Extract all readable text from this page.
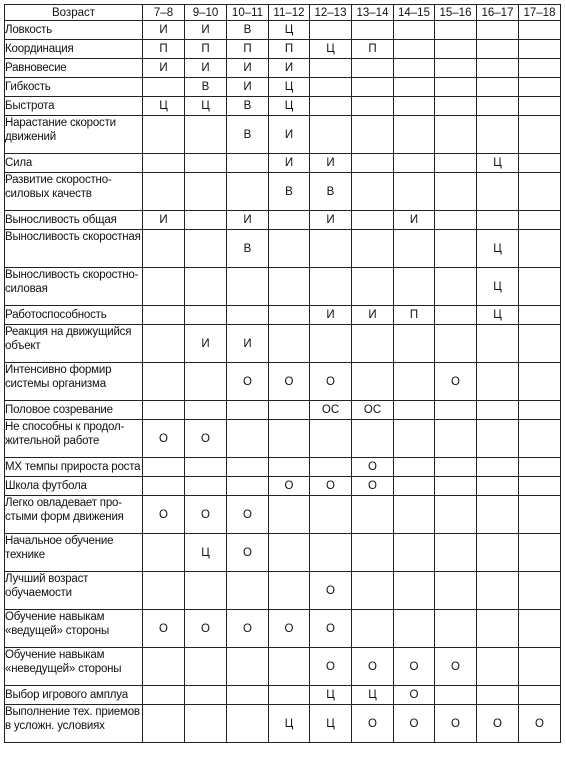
Возраст	7–8	9–10	10–11	11–12	12–13	13–14	14–15	15–16	16–17	17–18
Ловкость	И	И	В	Ц						
Координация	П	П	П	П	Ц	П				
Равновесие	И	И	И	И						
Гибкость		В	И	Ц						
Быстрота	Ц	Ц	В	Ц						
Нарастание скорости движений			В	И						
Сила				И	И				Ц	
Развитие скоростно-силовых качеств				В	В					
Выносливость общая	И		И		И		И			
Выносливость скоростная			В						Ц	
Выносливость скоростно-силовая									Ц	
Работоспособность					И	И	П		Ц	
Реакция на движущийся объект		И	И							
Интенсивно формир системы организма			О	О	О			О		
Половое созревание					ОС	ОС				
Не способны к продол-жительной работе	О	О								
МХ темпы прироста роста						О				
Школа футбола				О	О	О				
Легко овладевает про-стыми форм движения	О	О	О							
Начальное обучение технике		Ц	О							
Лучший возраст обучаемости					О					
Обучение навыкам «ведущей» стороны	О	О	О	О	О					
Обучение навыкам «неведущей» стороны					О	О	О	О		
Выбор игрового амплуа					Ц	Ц	О			
Выполнение тех. приемов в усложн. условиях				Ц	Ц	О	О	О	О	О
